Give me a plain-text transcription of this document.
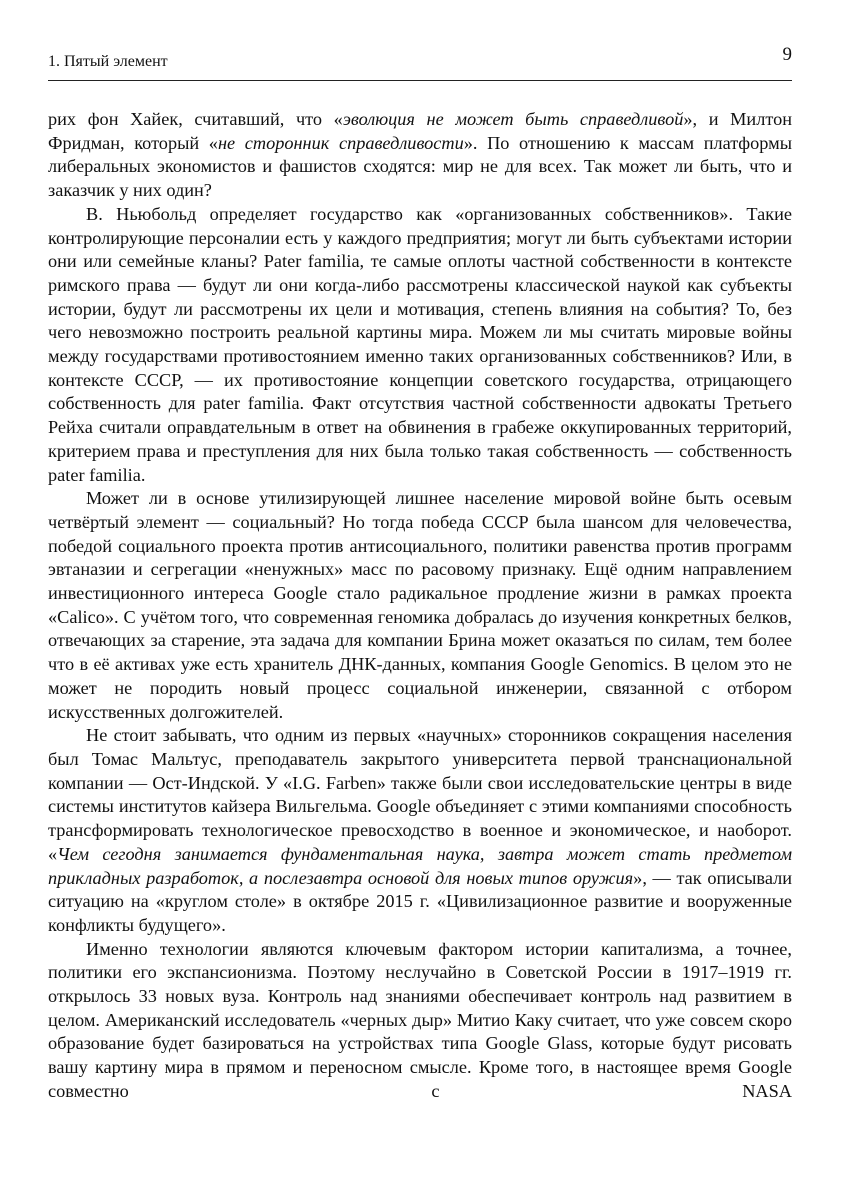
1. Пятый элемент	9

рих фон Хайек, считавший, что «эволюция не может быть справедливой», и Милтон Фридман, который «не сторонник справедливости». По отношению к массам платформы либеральных экономистов и фашистов сходятся: мир не для всех. Так может ли быть, что и заказчик у них один?

В. Ньюбольд определяет государство как «организованных собственников». Такие контролирующие персоналии есть у каждого предприятия; могут ли быть субъектами истории они или семейные кланы? Pater familia, те самые оплоты частной собственности в контексте римского права — будут ли они когда-либо рассмотрены классической наукой как субъекты истории, будут ли рассмотрены их цели и мотивация, степень влияния на события? То, без чего невозможно построить реальной картины мира. Можем ли мы считать мировые войны между государствами противостоянием именно таких организованных собственников? Или, в контексте СССР, — их противостояние концепции советского государства, отрицающего собственность для pater familia. Факт отсутствия частной собственности адвокаты Третьего Рейха считали оправдательным в ответ на обвинения в грабеже оккупированных территорий, критерием права и преступления для них была только такая собственность — собственность pater familia.

Может ли в основе утилизирующей лишнее население мировой войне быть осевым четвёртый элемент — социальный? Но тогда победа СССР была шансом для человечества, победой социального проекта против антисоциального, политики равенства против программ эвтаназии и сегрегации «ненужных» масс по расовому признаку. Ещё одним направлением инвестиционного интереса Google стало радикальное продление жизни в рамках проекта «Calico». С учётом того, что современная геномика добралась до изучения конкретных белков, отвечающих за старение, эта задача для компании Брина может оказаться по силам, тем более что в её активах уже есть хранитель ДНК-данных, компания Google Genomics. В целом это не может не породить новый процесс социальной инженерии, связанной с отбором искусственных долгожителей.

Не стоит забывать, что одним из первых «научных» сторонников сокращения населения был Томас Мальтус, преподаватель закрытого университета первой транснациональной компании — Ост-Индской. У «I.G. Farben» также были свои исследовательские центры в виде системы институтов кайзера Вильгельма. Google объединяет с этими компаниями способность трансформировать технологическое превосходство в военное и экономическое, и наоборот. «Чем сегодня занимается фундаментальная наука, завтра может стать предметом прикладных разработок, а послезавтра основой для новых типов оружия», — так описывали ситуацию на «круглом столе» в октябре 2015 г. «Цивилизационное развитие и вооруженные конфликты будущего».

Именно технологии являются ключевым фактором истории капитализма, а точнее, политики его экспансионизма. Поэтому неслучайно в Советской России в 1917–1919 гг. открылось 33 новых вуза. Контроль над знаниями обеспечивает контроль над развитием в целом. Американский исследователь «черных дыр» Митио Каку считает, что уже совсем скоро образование будет базироваться на устройствах типа Google Glass, которые будут рисовать вашу картину мира в прямом и переносном смысле. Кроме того, в настоящее время Google совместно с NASA
